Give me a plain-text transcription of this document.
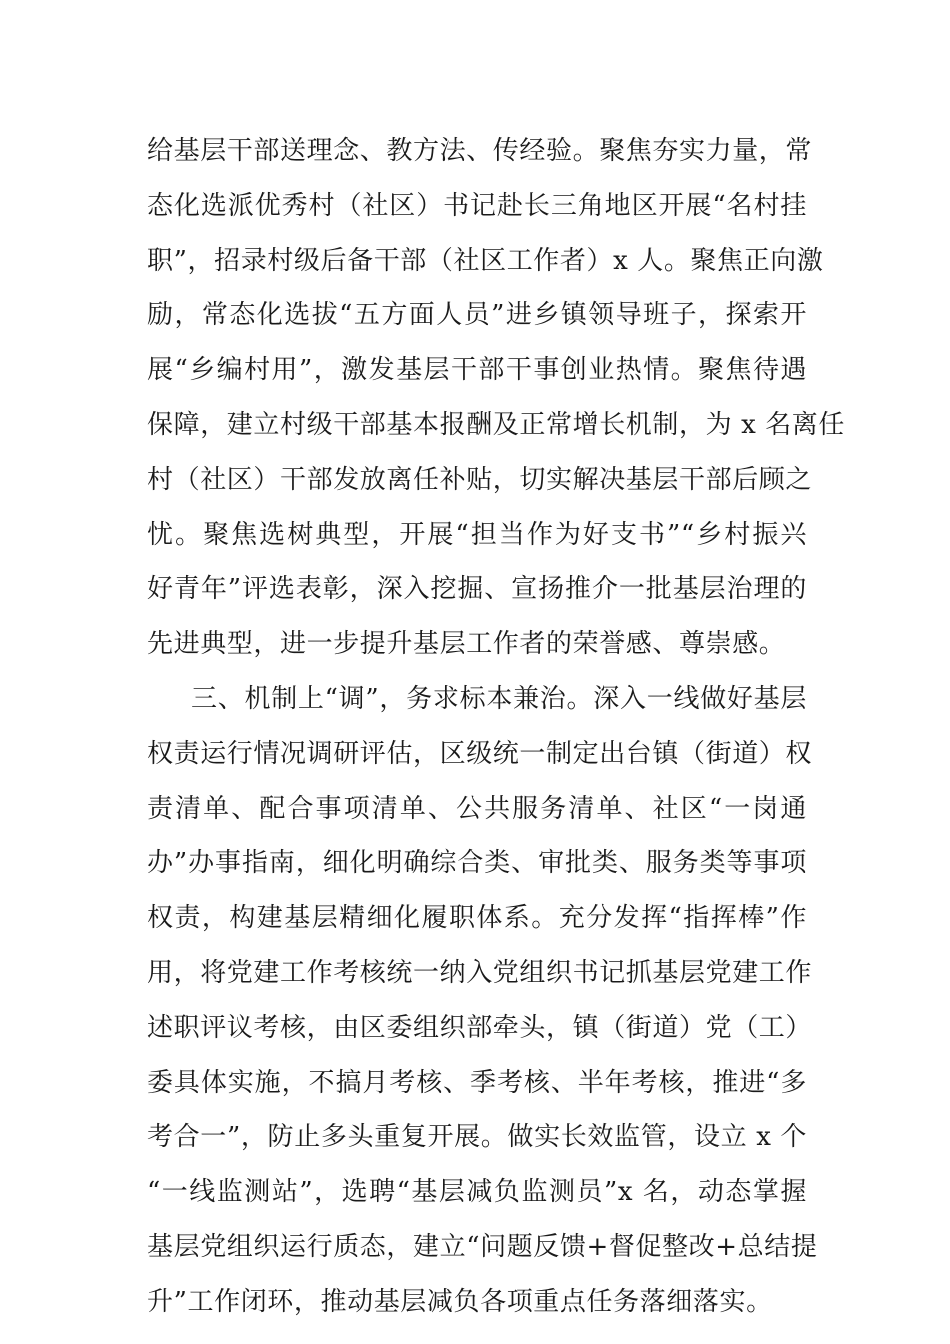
给基层干部送理念、教方法、传经验。聚焦夯实力量，常
态化选派优秀村（社区）书记赴长三角地区开展“名村挂
职”，招录村级后备干部（社区工作者）x 人。聚焦正向激
励，常态化选拔“五方面人员”进乡镇领导班子，探索开
展“乡编村用”，激发基层干部干事创业热情。聚焦待遇
保障，建立村级干部基本报酬及正常增长机制，为 x 名离任
村（社区）干部发放离任补贴，切实解决基层干部后顾之
忧。聚焦选树典型，开展“担当作为好支书”“乡村振兴
好青年”评选表彰，深入挖掘、宣扬推介一批基层治理的
先进典型，进一步提升基层工作者的荣誉感、尊崇感。
三、机制上“调”，务求标本兼治。深入一线做好基层
权责运行情况调研评估，区级统一制定出台镇（街道）权
责清单、配合事项清单、公共服务清单、社区“一岗通
办”办事指南，细化明确综合类、审批类、服务类等事项
权责，构建基层精细化履职体系。充分发挥“指挥棒”作
用，将党建工作考核统一纳入党组织书记抓基层党建工作
述职评议考核，由区委组织部牵头，镇（街道）党（工）
委具体实施，不搞月考核、季考核、半年考核，推进“多
考合一”，防止多头重复开展。做实长效监管，设立 x 个
“一线监测站”，选聘“基层减负监测员”x 名，动态掌握
基层党组织运行质态，建立“问题反馈+督促整改+总结提
升”工作闭环，推动基层减负各项重点任务落细落实。
